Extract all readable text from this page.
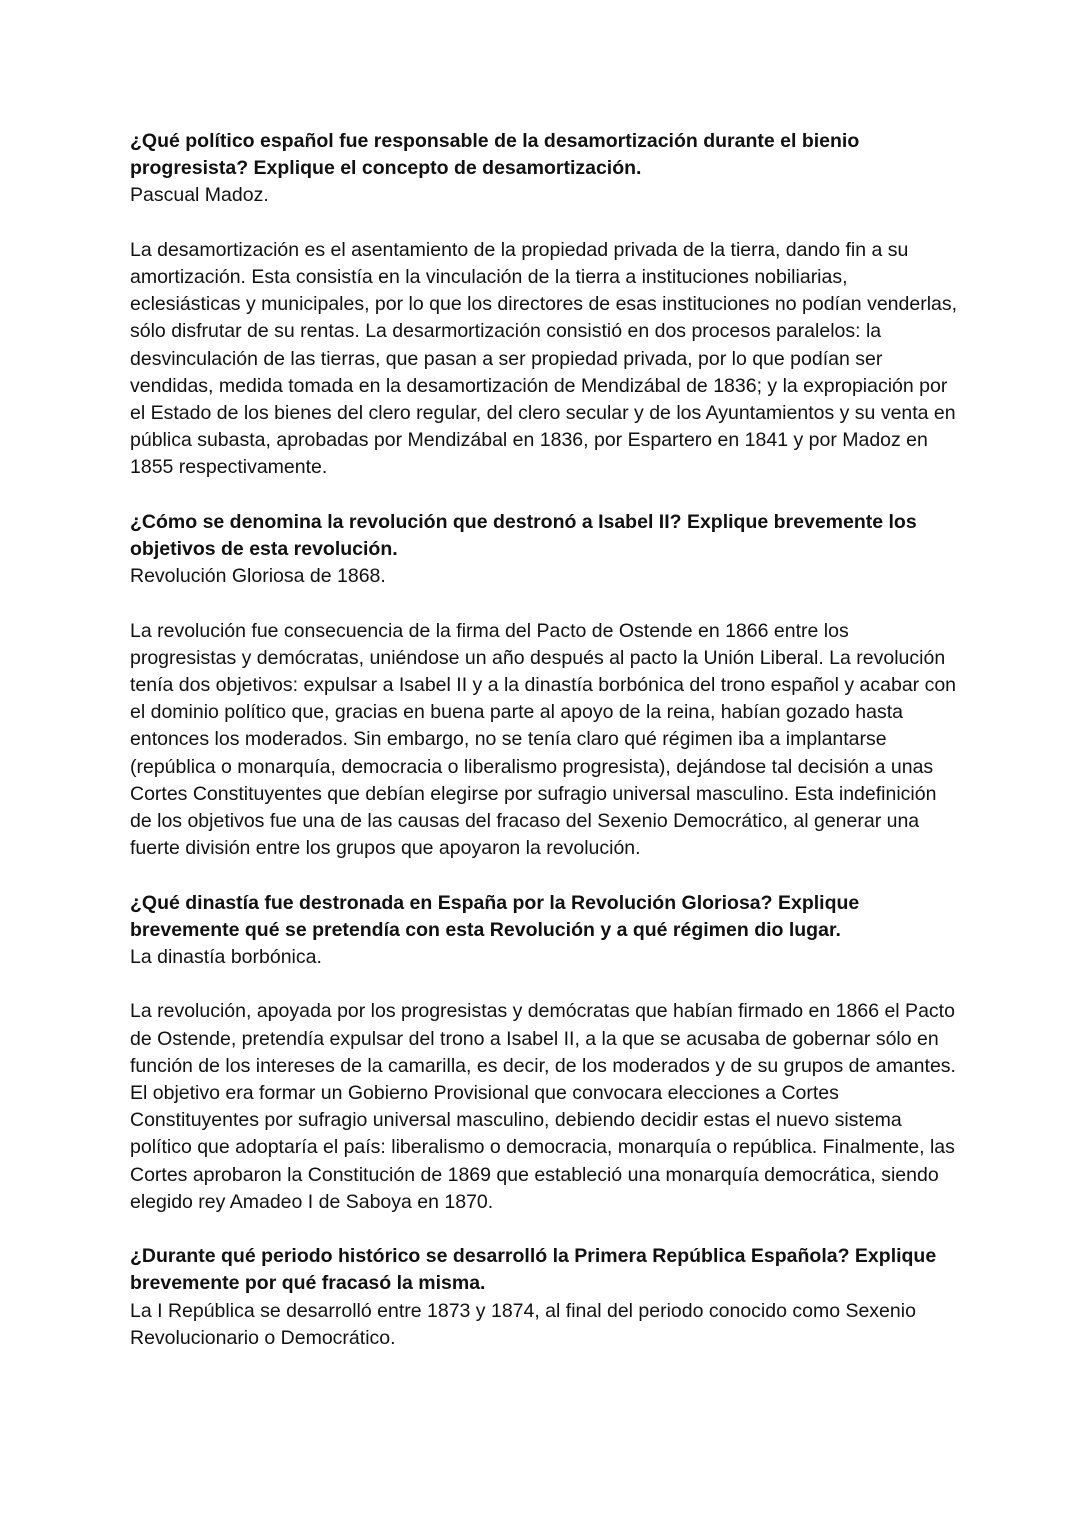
¿Qué político español fue responsable de la desamortización durante el bienio progresista? Explique el concepto de desamortización.

Pascual Madoz.

La desamortización es el asentamiento de la propiedad privada de la tierra, dando fin a su amortización. Esta consistía en la vinculación de la tierra a instituciones nobiliarias, eclesiásticas y municipales, por lo que los directores de esas instituciones no podían venderlas, sólo disfrutar de su rentas. La desarmortización consistió en dos procesos paralelos: la desvinculación de las tierras, que pasan a ser propiedad privada, por lo que podían ser vendidas, medida tomada en la desamortización de Mendizábal de 1836; y la expropiación por el Estado de los bienes del clero regular, del clero secular y de los Ayuntamientos y su venta en pública subasta, aprobadas por Mendizábal en 1836, por Espartero en 1841 y por Madoz en 1855 respectivamente.

¿Cómo se denomina la revolución que destronó a Isabel II? Explique brevemente los objetivos de esta revolución.

Revolución Gloriosa de 1868.

La revolución fue consecuencia de la firma del Pacto de Ostende en 1866 entre los progresistas y demócratas, uniéndose un año después al pacto la Unión Liberal. La revolución tenía dos objetivos: expulsar a Isabel II y a la dinastía borbónica del trono español y acabar con el dominio político que, gracias en buena parte al apoyo de la reina, habían gozado hasta entonces los moderados. Sin embargo, no se tenía claro qué régimen iba a implantarse (república o monarquía, democracia o liberalismo progresista), dejándose tal decisión a unas Cortes Constituyentes que debían elegirse por sufragio universal masculino. Esta indefinición de los objetivos fue una de las causas del fracaso del Sexenio Democrático, al generar una fuerte división entre los grupos que apoyaron la revolución.

¿Qué dinastía fue destronada en España por la Revolución Gloriosa? Explique brevemente qué se pretendía con esta Revolución y a qué régimen dio lugar.

La dinastía borbónica.

La revolución, apoyada por los progresistas y demócratas que habían firmado en 1866 el Pacto de Ostende, pretendía expulsar del trono a Isabel II, a la que se acusaba de gobernar sólo en función de los intereses de la camarilla, es decir, de los moderados y de su grupos de amantes. El objetivo era formar un Gobierno Provisional que convocara elecciones a Cortes Constituyentes por sufragio universal masculino, debiendo decidir estas el nuevo sistema político que adoptaría el país: liberalismo o democracia, monarquía o república. Finalmente, las Cortes aprobaron la Constitución de 1869 que estableció una monarquía democrática, siendo elegido rey Amadeo I de Saboya en 1870.

¿Durante qué periodo histórico se desarrolló la Primera República Española? Explique brevemente por qué fracasó la misma.

La I República se desarrolló entre 1873 y 1874, al final del periodo conocido como Sexenio Revolucionario o Democrático.
